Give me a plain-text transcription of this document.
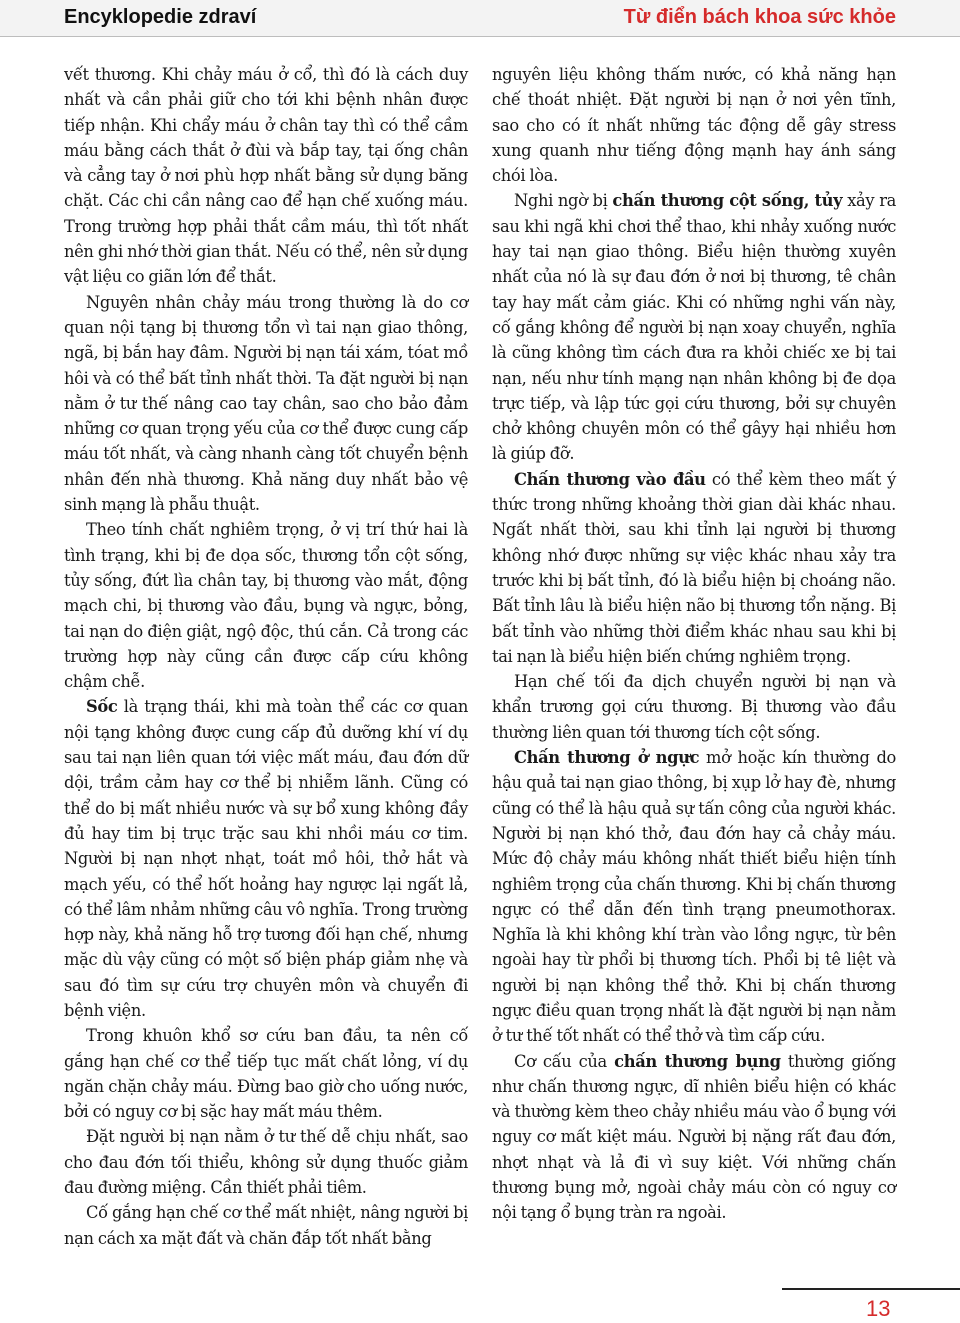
Encyklopedie zdraví	Từ điển bách khoa sức khỏe

vết thương. Khi chảy máu ở cổ, thì đó là cách duy nhất và cần phải giữ cho tới khi bệnh nhân được tiếp nhận. Khi chẩy máu ở chân tay thì có thể cầm máu bằng cách thắt ở đùi và bắp tay, tại ống chân và cẳng tay ở nơi phù hợp nhất bằng sử dụng băng chặt. Các chi cần nâng cao để hạn chế xuống máu. Trong trường hợp phải thắt cầm máu, thì tốt nhất nên ghi nhớ thời gian thắt. Nếu có thể, nên sử dụng vật liệu co giãn lớn để thắt.

Nguyên nhân chảy máu trong thường là do cơ quan nội tạng bị thương tổn vì tai nạn giao thông, ngã, bị bắn hay đâm. Người bị nạn tái xám, tóat mồ hôi và có thể bất tỉnh nhất thời. Ta đặt người bị nạn nằm ở tư thế nâng cao tay chân, sao cho bảo đảm những cơ quan trọng yếu của cơ thể được cung cấp máu tốt nhất, và càng nhanh càng tốt chuyển bệnh nhân đến nhà thương. Khả năng duy nhất bảo vệ sinh mạng là phẫu thuật.

Theo tính chất nghiêm trọng, ở vị trí thứ hai là tình trạng, khi bị đe dọa sốc, thương tổn cột sống, tủy sống, đứt lìa chân tay, bị thương vào mắt, động mạch chi, bị thương vào đầu, bụng và ngực, bỏng, tai nạn do điện giật, ngộ độc, thú cắn. Cả trong các trường hợp này cũng cần được cấp cứu không chậm chễ.

Sốc là trạng thái, khi mà toàn thể các cơ quan nội tạng không được cung cấp đủ dưỡng khí ví dụ sau tai nạn liên quan tới việc mất máu, đau đớn dữ dội, trầm cảm hay cơ thể bị nhiễm lãnh. Cũng có thể do bị mất nhiều nước và sự bổ xung không đầy đủ hay tim bị trục trặc sau khi nhồi máu cơ tim. Người bị nạn nhợt nhạt, toát mồ hôi, thở hắt và mạch yếu, có thể hốt hoảng hay ngược lại ngất lả, có thể lâm nhảm những câu vô nghĩa. Trong trường hợp này, khả năng hỗ trợ tương đối hạn chế, nhưng mặc dù vậy cũng có một số biện pháp giảm nhẹ và sau đó tìm sự cứu trợ chuyên môn và chuyển đi bệnh viện.

Trong khuôn khổ sơ cứu ban đầu, ta nên cố gắng hạn chế cơ thể tiếp tục mất chất lỏng, ví dụ ngăn chặn chảy máu. Đừng bao giờ cho uống nước, bởi có nguy cơ bị sặc hay mất máu thêm.

Đặt người bị nạn nằm ở tư thế dễ chịu nhất, sao cho đau đớn tối thiểu, không sử dụng thuốc giảm đau đường miệng. Cần thiết phải tiêm.

Cố gắng hạn chế cơ thể mất nhiệt, nâng người bị nạn cách xa mặt đất và chăn đắp tốt nhất bằng

nguyên liệu không thấm nước, có khả năng hạn chế thoát nhiệt. Đặt người bị nạn ở nơi yên tĩnh, sao cho có ít nhất những tác động dễ gây stress xung quanh như tiếng động mạnh hay ánh sáng chói lòa.

Nghi ngờ bị chấn thương cột sống, tủy xảy ra sau khi ngã khi chơi thể thao, khi nhảy xuống nước hay tai nạn giao thông. Biểu hiện thường xuyên nhất của nó là sự đau đớn ở nơi bị thương, tê chân tay hay mất cảm giác. Khi có những nghi vấn này, cố gắng không để người bị nạn xoay chuyển, nghĩa là cũng không tìm cách đưa ra khỏi chiếc xe bị tai nạn, nếu như tính mạng nạn nhân không bị đe dọa trực tiếp, và lập tức gọi cứu thương, bởi sự chuyên chở không chuyên môn có thể gâyy hại nhiều hơn là giúp đỡ.

Chấn thương vào đầu có thể kèm theo mất ý thức trong những khoảng thời gian dài khác nhau. Ngất nhất thời, sau khi tỉnh lại người bị thương không nhớ được những sự việc khác nhau xảy tra trước khi bị bất tỉnh, đó là biểu hiện bị choáng não. Bất tỉnh lâu là biểu hiện não bị thương tổn nặng. Bị bất tỉnh vào những thời điểm khác nhau sau khi bị tai nạn là biểu hiện biến chứng nghiêm trọng.

Hạn chế tối đa dịch chuyển người bị nạn và khẩn trương gọi cứu thương. Bị thương vào đầu thường liên quan tới thương tích cột sống.

Chấn thương ở ngực mở hoặc kín thường do hậu quả tai nạn giao thông, bị xụp lở hay đè, nhưng cũng có thể là hậu quả sự tấn công của người khác. Người bị nạn khó thở, đau đớn hay cả chảy máu. Mức độ chảy máu không nhất thiết biểu hiện tính nghiêm trọng của chấn thương. Khi bị chấn thương ngực có thể dẫn đến tình trạng pneumothorax. Nghĩa là khi không khí tràn vào lồng ngực, từ bên ngoài hay từ phổi bị thương tích. Phổi bị tê liệt và người bị nạn không thể thở. Khi bị chấn thương ngực điều quan trọng nhất là đặt người bị nạn nằm ở tư thế tốt nhất có thể thở và tìm cấp cứu.

Cơ cấu của chấn thương bụng thường giống như chấn thương ngực, dĩ nhiên biểu hiện có khác và thường kèm theo chảy nhiều máu vào ổ bụng với nguy cơ mất kiệt máu. Người bị nặng rất đau đớn, nhợt nhạt và lả đi vì suy kiệt. Với những chấn thương bụng mở, ngoài chảy máu còn có nguy cơ nội tạng ổ bụng tràn ra ngoài.

13
